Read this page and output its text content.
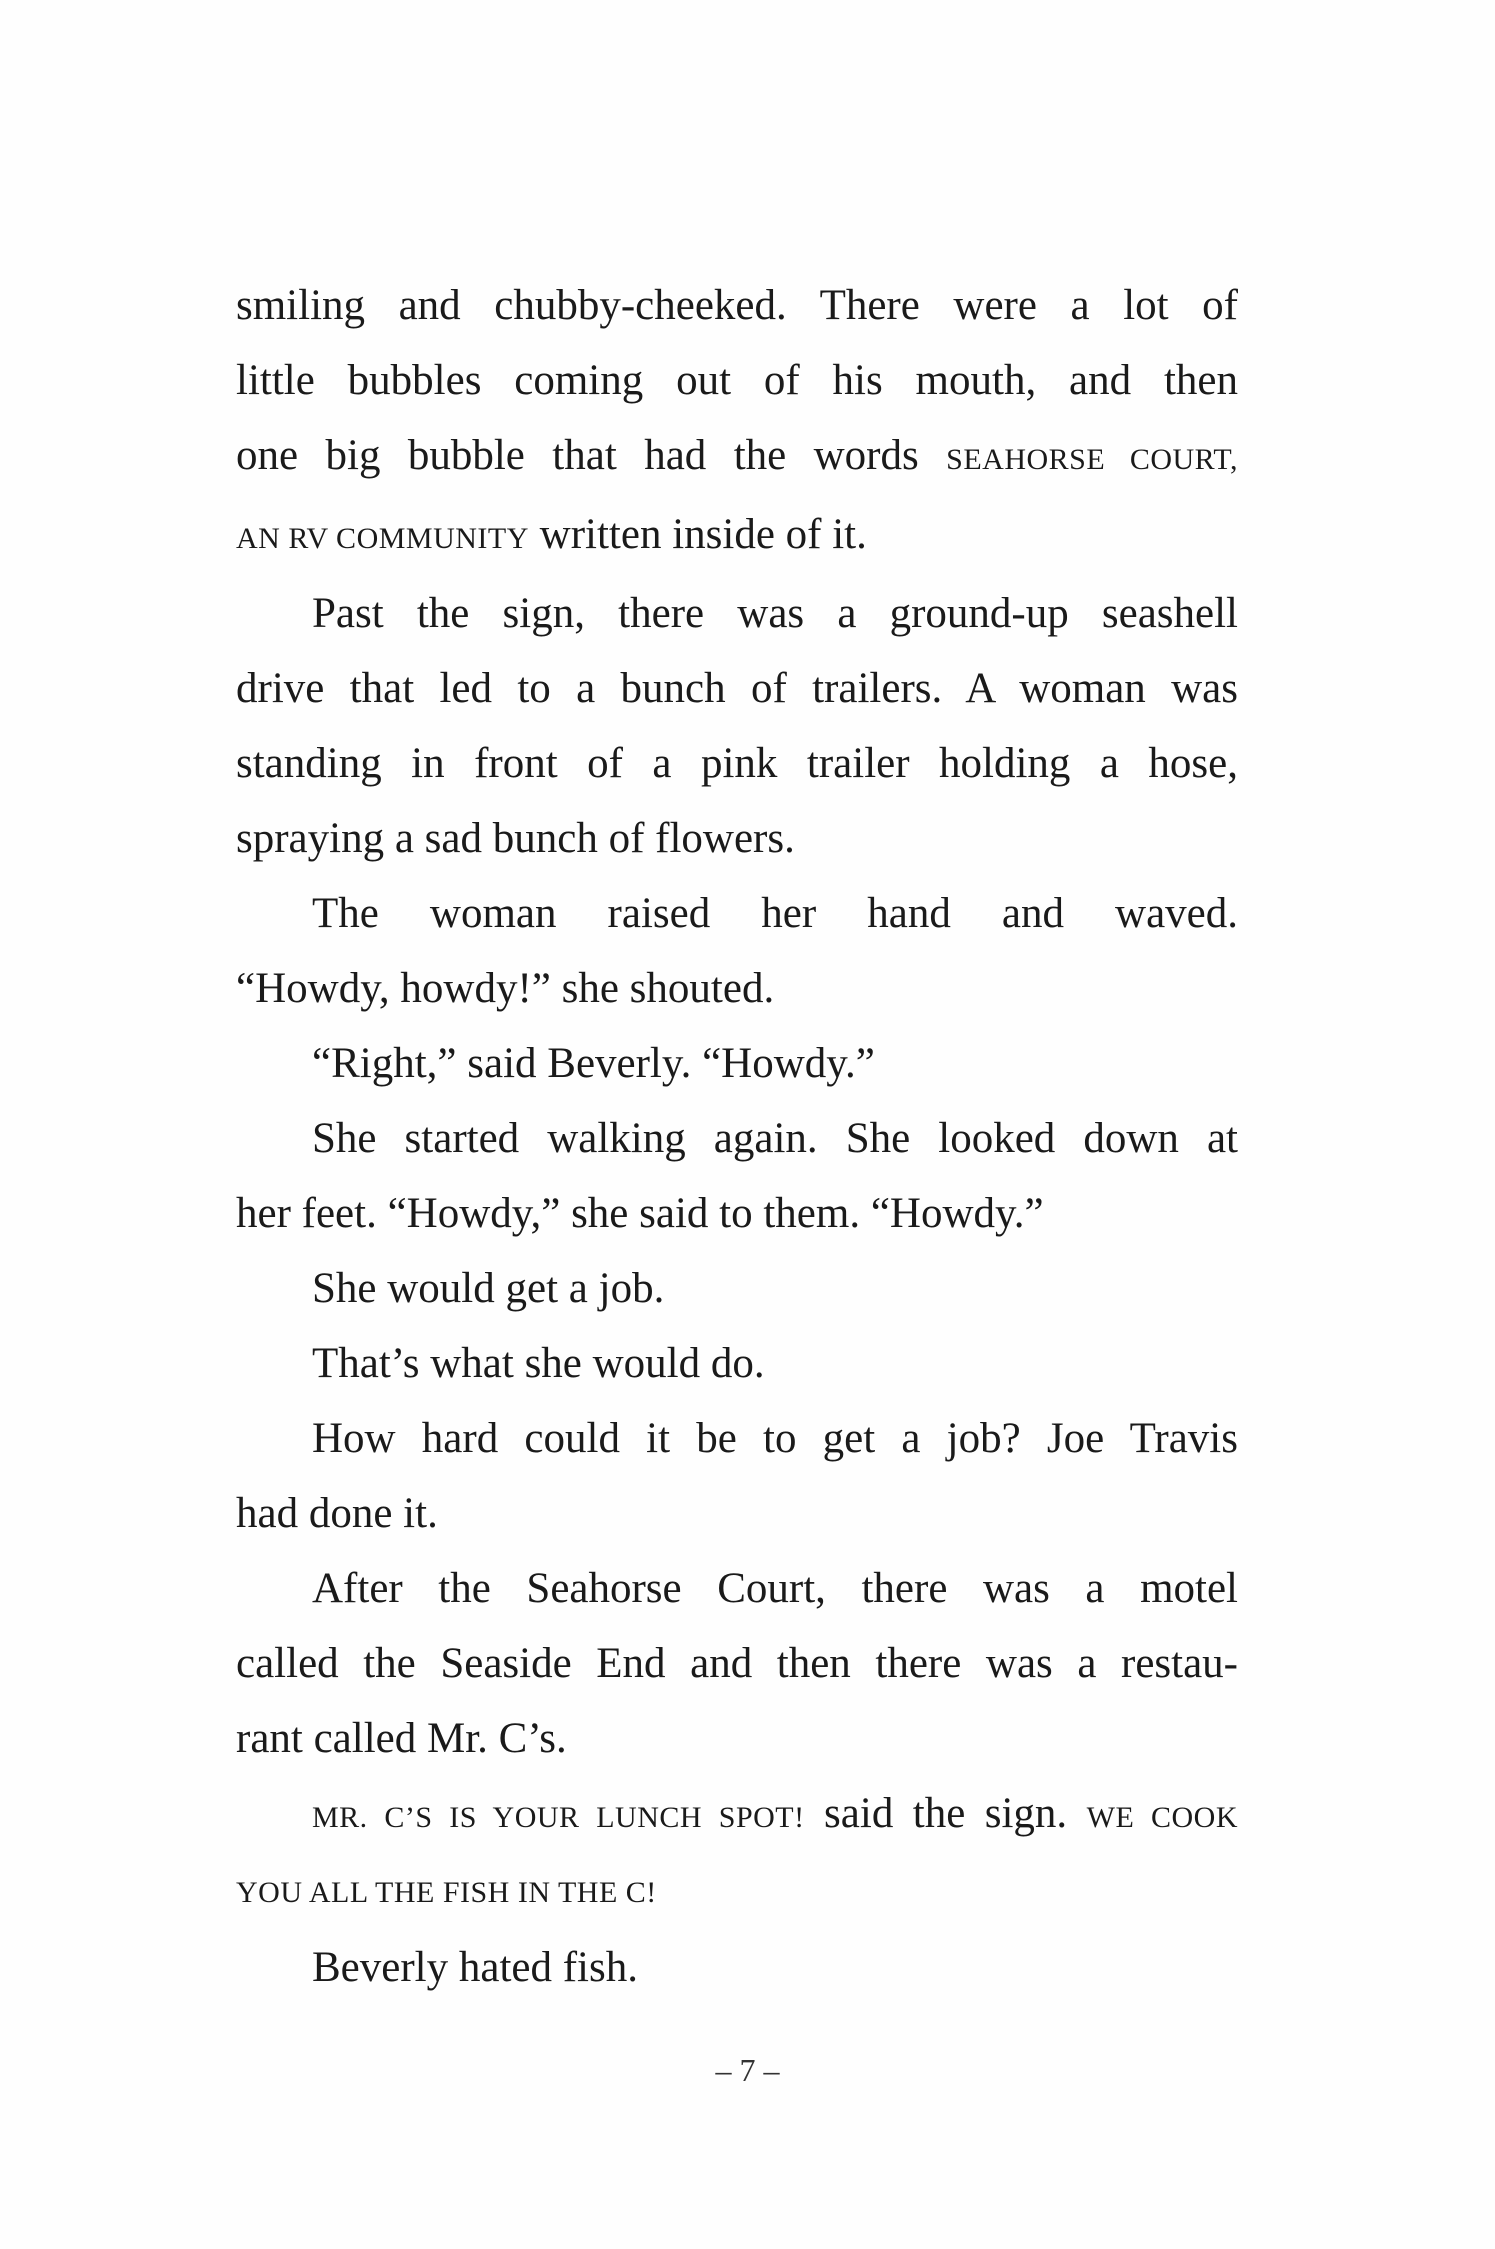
smiling and chubby-cheeked. There were a lot of
little bubbles coming out of his mouth, and then
one big bubble that had the words SEAHORSE COURT,
AN RV COMMUNITY written inside of it.

Past the sign, there was a ground-up seashell
drive that led to a bunch of trailers. A woman was
standing in front of a pink trailer holding a hose,
spraying a sad bunch of flowers.

The woman raised her hand and waved.
“Howdy, howdy!” she shouted.

“Right,” said Beverly. “Howdy.”

She started walking again. She looked down at
her feet. “Howdy,” she said to them. “Howdy.”

She would get a job.

That’s what she would do.

How hard could it be to get a job? Joe Travis
had done it.

After the Seahorse Court, there was a motel
called the Seaside End and then there was a restau-
rant called Mr. C’s.

MR. C’S IS YOUR LUNCH SPOT! said the sign. WE COOK
YOU ALL THE FISH IN THE C!

Beverly hated fish.

– 7 –
